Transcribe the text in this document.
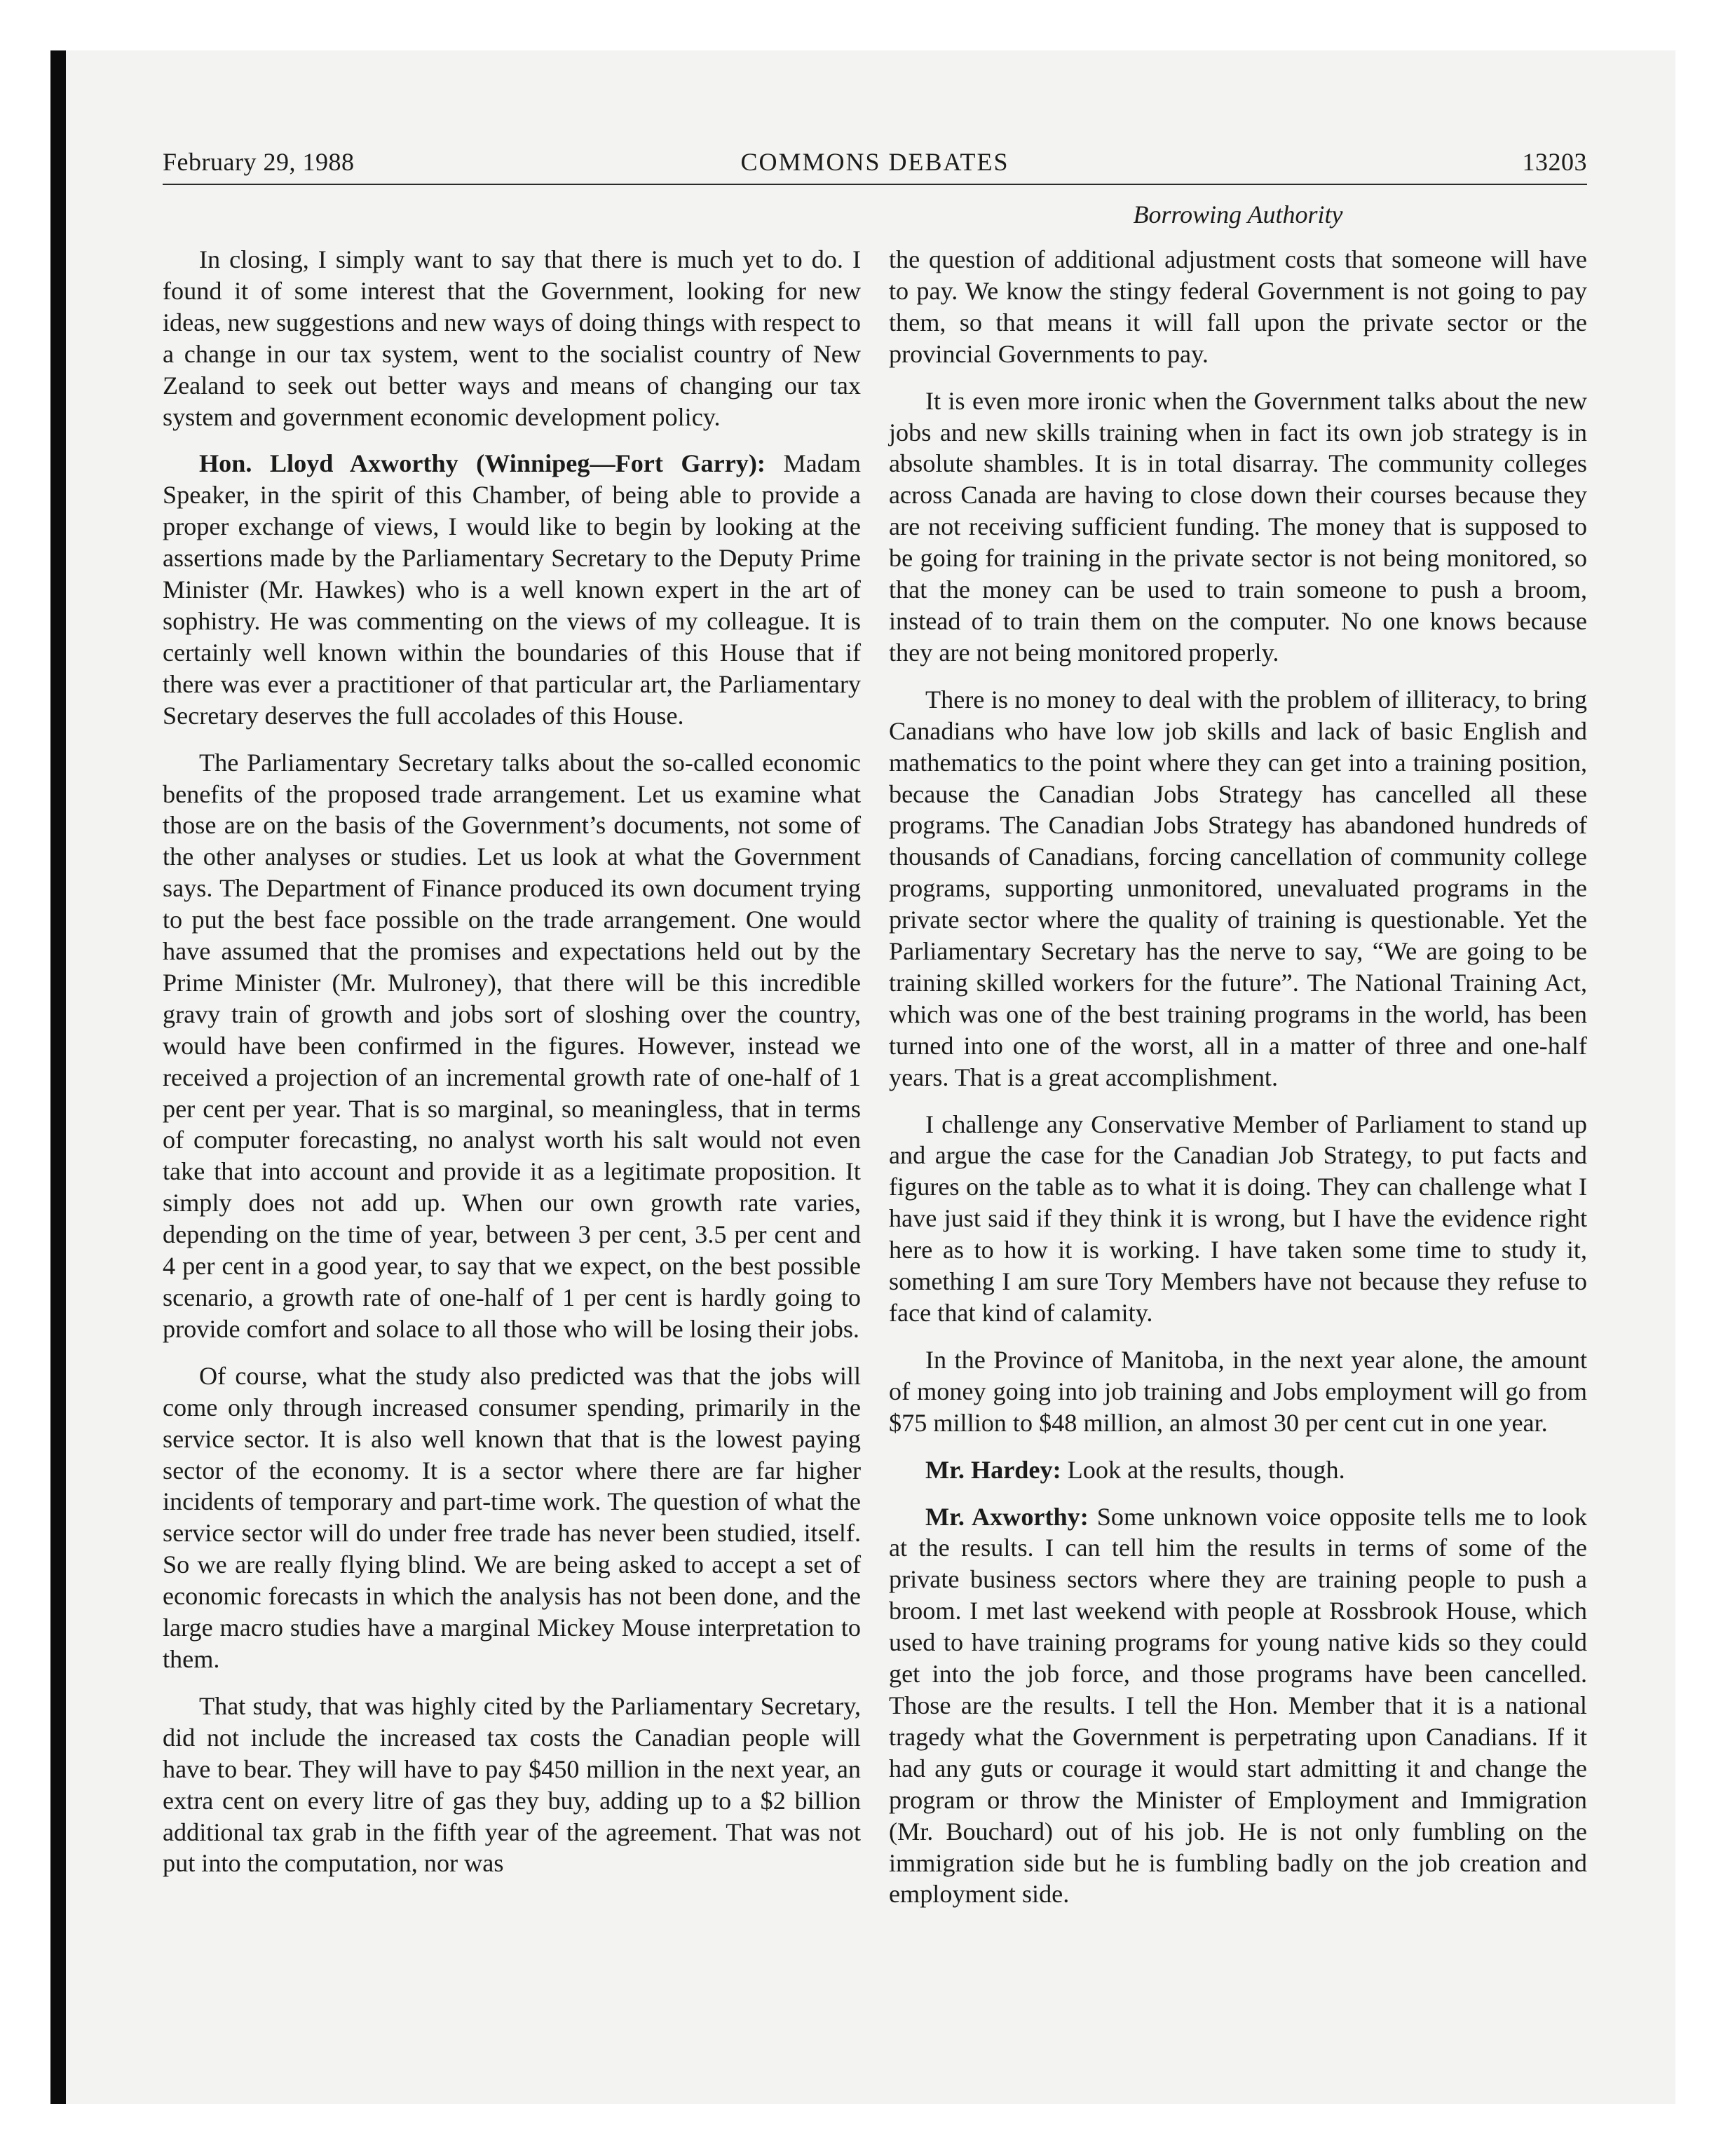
February 29, 1988	COMMONS DEBATES	13203
Borrowing Authority

In closing, I simply want to say that there is much yet to do. I found it of some interest that the Government, looking for new ideas, new suggestions and new ways of doing things with respect to a change in our tax system, went to the socialist country of New Zealand to seek out better ways and means of changing our tax system and government economic development policy.

Hon. Lloyd Axworthy (Winnipeg—Fort Garry): Madam Speaker, in the spirit of this Chamber, of being able to provide a proper exchange of views, I would like to begin by looking at the assertions made by the Parliamentary Secretary to the Deputy Prime Minister (Mr. Hawkes) who is a well known expert in the art of sophistry. He was commenting on the views of my colleague. It is certainly well known within the boundaries of this House that if there was ever a practitioner of that particular art, the Parliamentary Secretary deserves the full accolades of this House.

The Parliamentary Secretary talks about the so-called economic benefits of the proposed trade arrangement. Let us examine what those are on the basis of the Government’s documents, not some of the other analyses or studies. Let us look at what the Government says. The Department of Finance produced its own document trying to put the best face possible on the trade arrangement. One would have assumed that the promises and expectations held out by the Prime Minister (Mr. Mulroney), that there will be this incredible gravy train of growth and jobs sort of sloshing over the country, would have been confirmed in the figures. However, instead we received a projection of an incremental growth rate of one-half of 1 per cent per year. That is so marginal, so meaningless, that in terms of computer forecasting, no analyst worth his salt would not even take that into account and provide it as a legitimate proposition. It simply does not add up. When our own growth rate varies, depending on the time of year, between 3 per cent, 3.5 per cent and 4 per cent in a good year, to say that we expect, on the best possible scenario, a growth rate of one-half of 1 per cent is hardly going to provide comfort and solace to all those who will be losing their jobs.

Of course, what the study also predicted was that the jobs will come only through increased consumer spending, primarily in the service sector. It is also well known that that is the lowest paying sector of the economy. It is a sector where there are far higher incidents of temporary and part-time work. The question of what the service sector will do under free trade has never been studied, itself. So we are really flying blind. We are being asked to accept a set of economic forecasts in which the analysis has not been done, and the large macro studies have a marginal Mickey Mouse interpretation to them.

That study, that was highly cited by the Parliamentary Secretary, did not include the increased tax costs the Canadian people will have to bear. They will have to pay $450 million in the next year, an extra cent on every litre of gas they buy, adding up to a $2 billion additional tax grab in the fifth year of the agreement. That was not put into the computation, nor was

the question of additional adjustment costs that someone will have to pay. We know the stingy federal Government is not going to pay them, so that means it will fall upon the private sector or the provincial Governments to pay.

It is even more ironic when the Government talks about the new jobs and new skills training when in fact its own job strategy is in absolute shambles. It is in total disarray. The community colleges across Canada are having to close down their courses because they are not receiving sufficient funding. The money that is supposed to be going for training in the private sector is not being monitored, so that the money can be used to train someone to push a broom, instead of to train them on the computer. No one knows because they are not being monitored properly.

There is no money to deal with the problem of illiteracy, to bring Canadians who have low job skills and lack of basic English and mathematics to the point where they can get into a training position, because the Canadian Jobs Strategy has cancelled all these programs. The Canadian Jobs Strategy has abandoned hundreds of thousands of Canadians, forcing cancellation of community college programs, supporting unmonitored, unevaluated programs in the private sector where the quality of training is questionable. Yet the Parliamentary Secretary has the nerve to say, “We are going to be training skilled workers for the future”. The National Training Act, which was one of the best training programs in the world, has been turned into one of the worst, all in a matter of three and one-half years. That is a great accomplishment.

I challenge any Conservative Member of Parliament to stand up and argue the case for the Canadian Job Strategy, to put facts and figures on the table as to what it is doing. They can challenge what I have just said if they think it is wrong, but I have the evidence right here as to how it is working. I have taken some time to study it, something I am sure Tory Members have not because they refuse to face that kind of calamity.

In the Province of Manitoba, in the next year alone, the amount of money going into job training and Jobs employment will go from $75 million to $48 million, an almost 30 per cent cut in one year.

Mr. Hardey: Look at the results, though.

Mr. Axworthy: Some unknown voice opposite tells me to look at the results. I can tell him the results in terms of some of the private business sectors where they are training people to push a broom. I met last weekend with people at Rossbrook House, which used to have training programs for young native kids so they could get into the job force, and those programs have been cancelled. Those are the results. I tell the Hon. Member that it is a national tragedy what the Government is perpetrating upon Canadians. If it had any guts or courage it would start admitting it and change the program or throw the Minister of Employment and Immigration (Mr. Bouchard) out of his job. He is not only fumbling on the immigration side but he is fumbling badly on the job creation and employment side.
